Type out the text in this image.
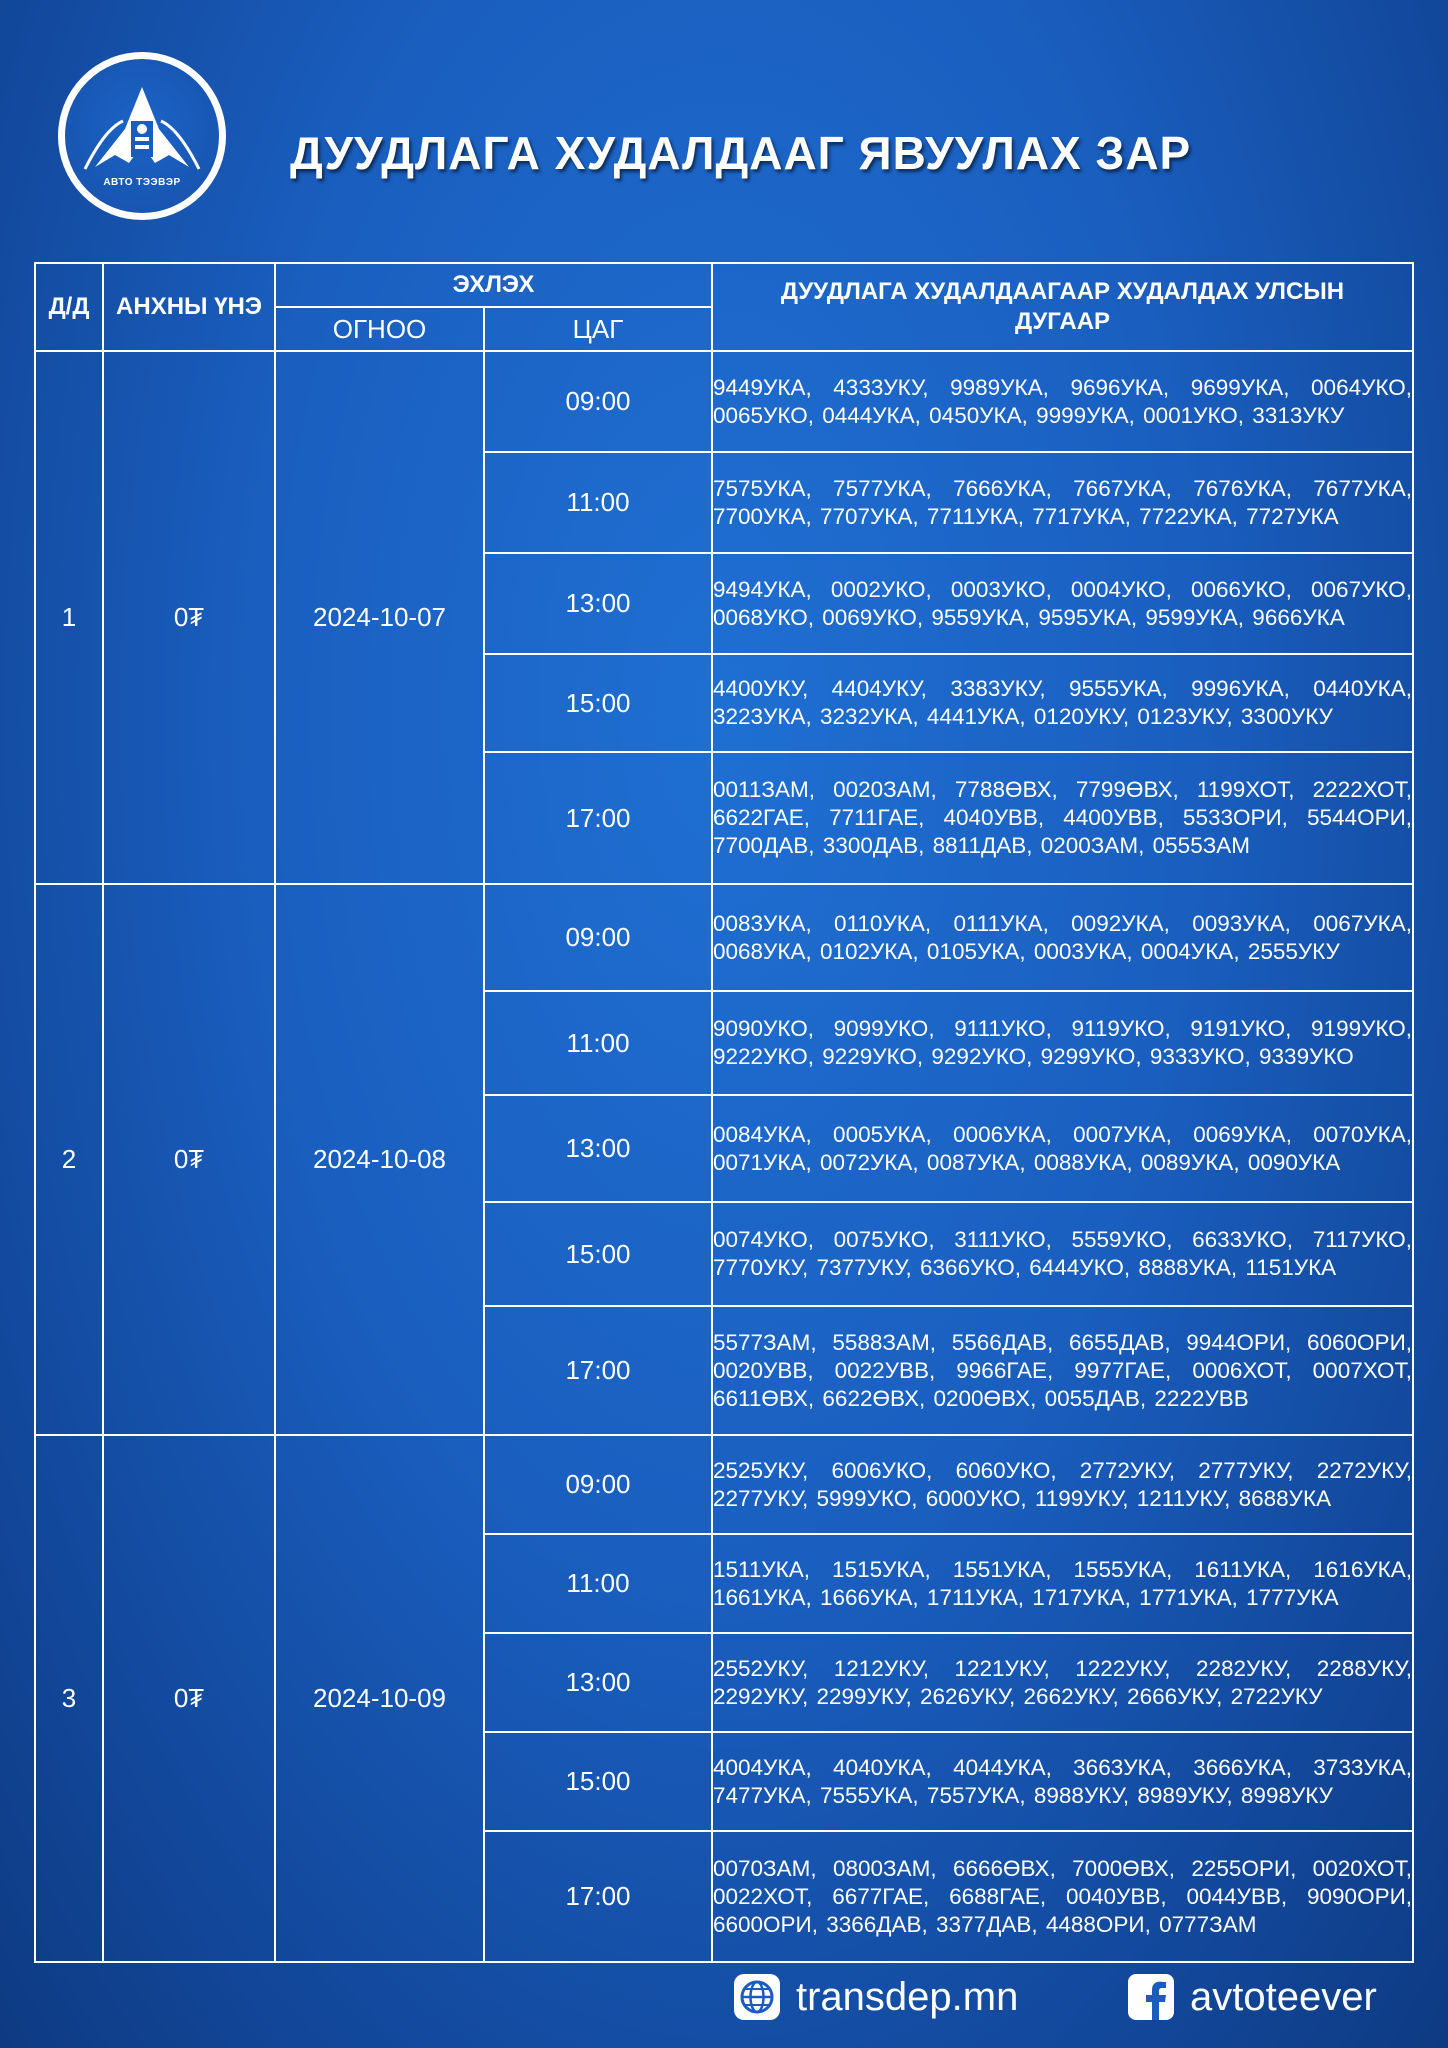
АВТО ТЭЭВЭР
ДУУДЛАГА ХУДАЛДААГ ЯВУУЛАХ ЗАР
Д/Д	АНХНЫ ҮНЭ	ЭХЛЭХ		ДУУДЛАГА ХУДАЛДААГААР ХУДАЛДАХ УЛСЫН ДУГААР
		ОГНОО	ЦАГ	
1	0₮	2024-10-07	09:00	9449УКА, 4333УКУ, 9989УКА, 9696УКА, 9699УКА, 0064УКО, 0065УКО, 0444УКА, 0450УКА, 9999УКА, 0001УКО, 3313УКУ
			11:00	7575УКА, 7577УКА, 7666УКА, 7667УКА, 7676УКА, 7677УКА, 7700УКА, 7707УКА, 7711УКА, 7717УКА, 7722УКА, 7727УКА
			13:00	9494УКА, 0002УКО, 0003УКО, 0004УКО, 0066УКО, 0067УКО, 0068УКО, 0069УКО, 9559УКА, 9595УКА, 9599УКА, 9666УКА
			15:00	4400УКУ, 4404УКУ, 3383УКУ, 9555УКА, 9996УКА, 0440УКА, 3223УКА, 3232УКА, 4441УКА, 0120УКУ, 0123УКУ, 3300УКУ
			17:00	0011ЗАМ, 0020ЗАМ, 7788ӨВХ, 7799ӨВХ, 1199ХОТ, 2222ХОТ, 6622ГАЕ, 7711ГАЕ, 4040УВВ, 4400УВВ, 5533ОРИ, 5544ОРИ, 7700ДАВ, 3300ДАВ, 8811ДАВ, 0200ЗАМ, 0555ЗАМ
2	0₮	2024-10-08	09:00	0083УКА, 0110УКА, 0111УКА, 0092УКА, 0093УКА, 0067УКА, 0068УКА, 0102УКА, 0105УКА, 0003УКА, 0004УКА, 2555УКУ
			11:00	9090УКО, 9099УКО, 9111УКО, 9119УКО, 9191УКО, 9199УКО, 9222УКО, 9229УКО, 9292УКО, 9299УКО, 9333УКО, 9339УКО
			13:00	0084УКА, 0005УКА, 0006УКА, 0007УКА, 0069УКА, 0070УКА, 0071УКА, 0072УКА, 0087УКА, 0088УКА, 0089УКА, 0090УКА
			15:00	0074УКО, 0075УКО, 3111УКО, 5559УКО, 6633УКО, 7117УКО, 7770УКУ, 7377УКУ, 6366УКО, 6444УКО, 8888УКА, 1151УКА
			17:00	5577ЗАМ, 5588ЗАМ, 5566ДАВ, 6655ДАВ, 9944ОРИ, 6060ОРИ, 0020УВВ, 0022УВВ, 9966ГАЕ, 9977ГАЕ, 0006ХОТ, 0007ХОТ, 6611ӨВХ, 6622ӨВХ, 0200ӨВХ, 0055ДАВ, 2222УВВ
3	0₮	2024-10-09	09:00	2525УКУ, 6006УКО, 6060УКО, 2772УКУ, 2777УКУ, 2272УКУ, 2277УКУ, 5999УКО, 6000УКО, 1199УКУ, 1211УКУ, 8688УКА
			11:00	1511УКА, 1515УКА, 1551УКА, 1555УКА, 1611УКА, 1616УКА, 1661УКА, 1666УКА, 1711УКА, 1717УКА, 1771УКА, 1777УКА
			13:00	2552УКУ, 1212УКУ, 1221УКУ, 1222УКУ, 2282УКУ, 2288УКУ, 2292УКУ, 2299УКУ, 2626УКУ, 2662УКУ, 2666УКУ, 2722УКУ
			15:00	4004УКА, 4040УКА, 4044УКА, 3663УКА, 3666УКА, 3733УКА, 7477УКА, 7555УКА, 7557УКА, 8988УКУ, 8989УКУ, 8998УКУ
			17:00	0070ЗАМ, 0800ЗАМ, 6666ӨВХ, 7000ӨВХ, 2255ОРИ, 0020ХОТ, 0022ХОТ, 6677ГАЕ, 6688ГАЕ, 0040УВВ, 0044УВВ, 9090ОРИ, 6600ОРИ, 3366ДАВ, 3377ДАВ, 4488ОРИ, 0777ЗАМ
transdep.mn	avtoteever
